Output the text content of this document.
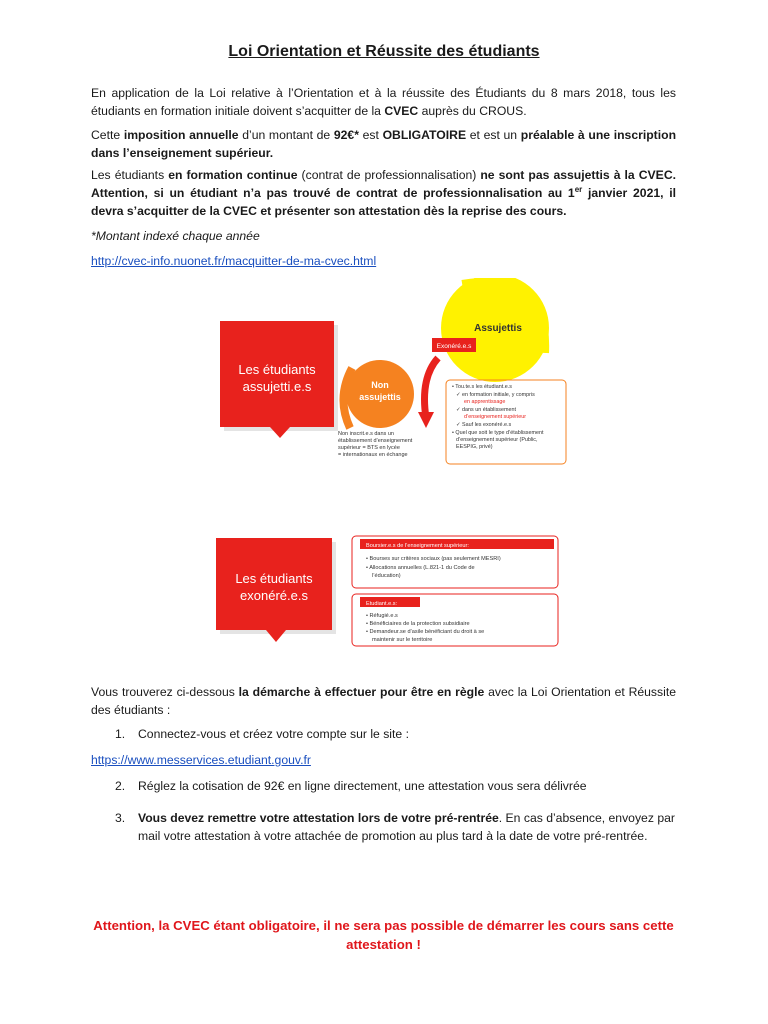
Loi Orientation et Réussite des étudiants
En application de la Loi relative à l’Orientation et à la réussite des Étudiants du 8 mars 2018, tous les étudiants en formation initiale doivent s’acquitter de la CVEC auprès du CROUS.
Cette imposition annuelle d’un montant de 92€* est OBLIGATOIRE et est un préalable à une inscription dans l’enseignement supérieur.
Les étudiants en formation continue (contrat de professionnalisation) ne sont pas assujettis à la CVEC. Attention, si un étudiant n’a pas trouvé de contrat de professionnalisation au 1er janvier 2021, il devra s’acquitter de la CVEC et présenter son attestation dès la reprise des cours.
*Montant indexé chaque année
http://cvec-info.nuonet.fr/macquitter-de-ma-cvec.html
Les étudiants
assujetti.e.s	Non
assujettis
Assujettis
Exonéré.e.s
Non inscrit.e.s dans un
établissement d’enseignement
supérieur = BTS en lycée
= internationaux en échange
• Tou.te.s les étudiant.e.s
✓ en formation initiale, y compris
en apprentissage
✓ dans un établissement
d’enseignement supérieur
✓ Sauf les exonéré.e.s
• Quel que soit le type d’établissement
d’enseignement supérieur (Public,
EESPIG, privé)
Les étudiants
exonéré.e.s
Boursier.e.s de l’enseignement supérieur:
• Bourses sur critères sociaux (pas seulement MESRI)
• Allocations annuelles (L.821-1 du Code de
l’éducation)
Etudiant.e.s:
• Réfugié.e.s
• Bénéficiaires de la protection subsidiaire
• Demandeur.se d’asile bénéficiant du droit à se
maintenir sur le territoire
Vous trouverez ci-dessous la démarche à effectuer pour être en règle avec la Loi Orientation et Réussite des étudiants :
1. Connectez-vous et créez votre compte sur le site :
https://www.messervices.etudiant.gouv.fr
2. Réglez la cotisation de 92€ en ligne directement, une attestation vous sera délivrée
3. Vous devez remettre votre attestation lors de votre pré-rentrée. En cas d’absence, envoyez par mail votre attestation à votre attachée de promotion au plus tard à la date de votre pré-rentrée.
Attention, la CVEC étant obligatoire, il ne sera pas possible de démarrer les cours sans cette attestation !
